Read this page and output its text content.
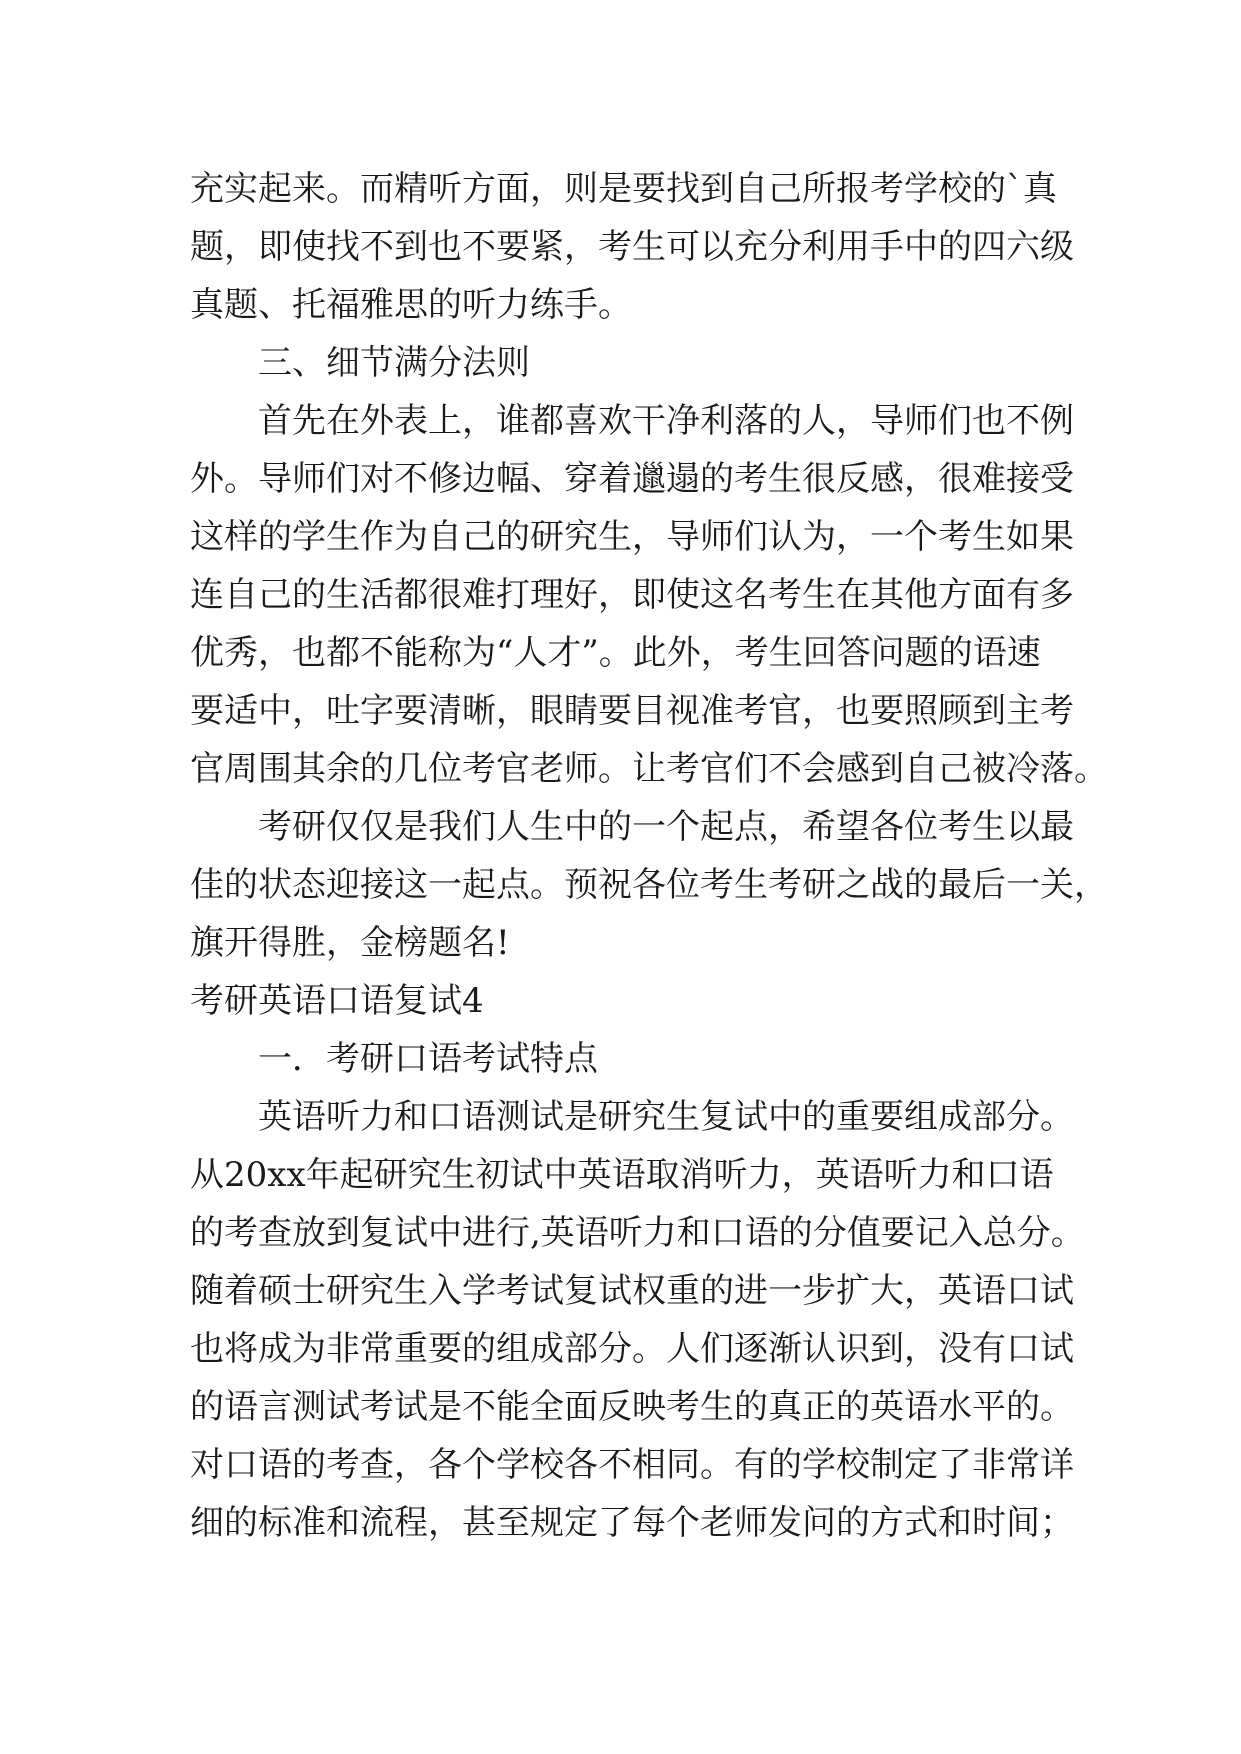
充实起来。而精听方面，则是要找到自己所报考学校的`真

题，即使找不到也不要紧，考生可以充分利用手中的四六级

真题、托福雅思的听力练手。

三、细节满分法则

首先在外表上，谁都喜欢干净利落的人，导师们也不例

外。导师们对不修边幅、穿着邋遢的考生很反感，很难接受

这样的学生作为自己的研究生，导师们认为，一个考生如果

连自己的生活都很难打理好，即使这名考生在其他方面有多

优秀，也都不能称为“人才”。此外，考生回答问题的语速

要适中，吐字要清晰，眼睛要目视准考官，也要照顾到主考

官周围其余的几位考官老师。让考官们不会感到自己被冷落。

考研仅仅是我们人生中的一个起点，希望各位考生以最

佳的状态迎接这一起点。预祝各位考生考研之战的最后一关，

旗开得胜，金榜题名!

考研英语口语复试4

一．考研口语考试特点

英语听力和口语测试是研究生复试中的重要组成部分。

从20xx年起研究生初试中英语取消听力，英语听力和口语

的考查放到复试中进行,英语听力和口语的分值要记入总分。

随着硕士研究生入学考试复试权重的进一步扩大，英语口试

也将成为非常重要的组成部分。人们逐渐认识到，没有口试

的语言测试考试是不能全面反映考生的真正的英语水平的。

对口语的考查，各个学校各不相同。有的学校制定了非常详

细的标准和流程，甚至规定了每个老师发问的方式和时间；
